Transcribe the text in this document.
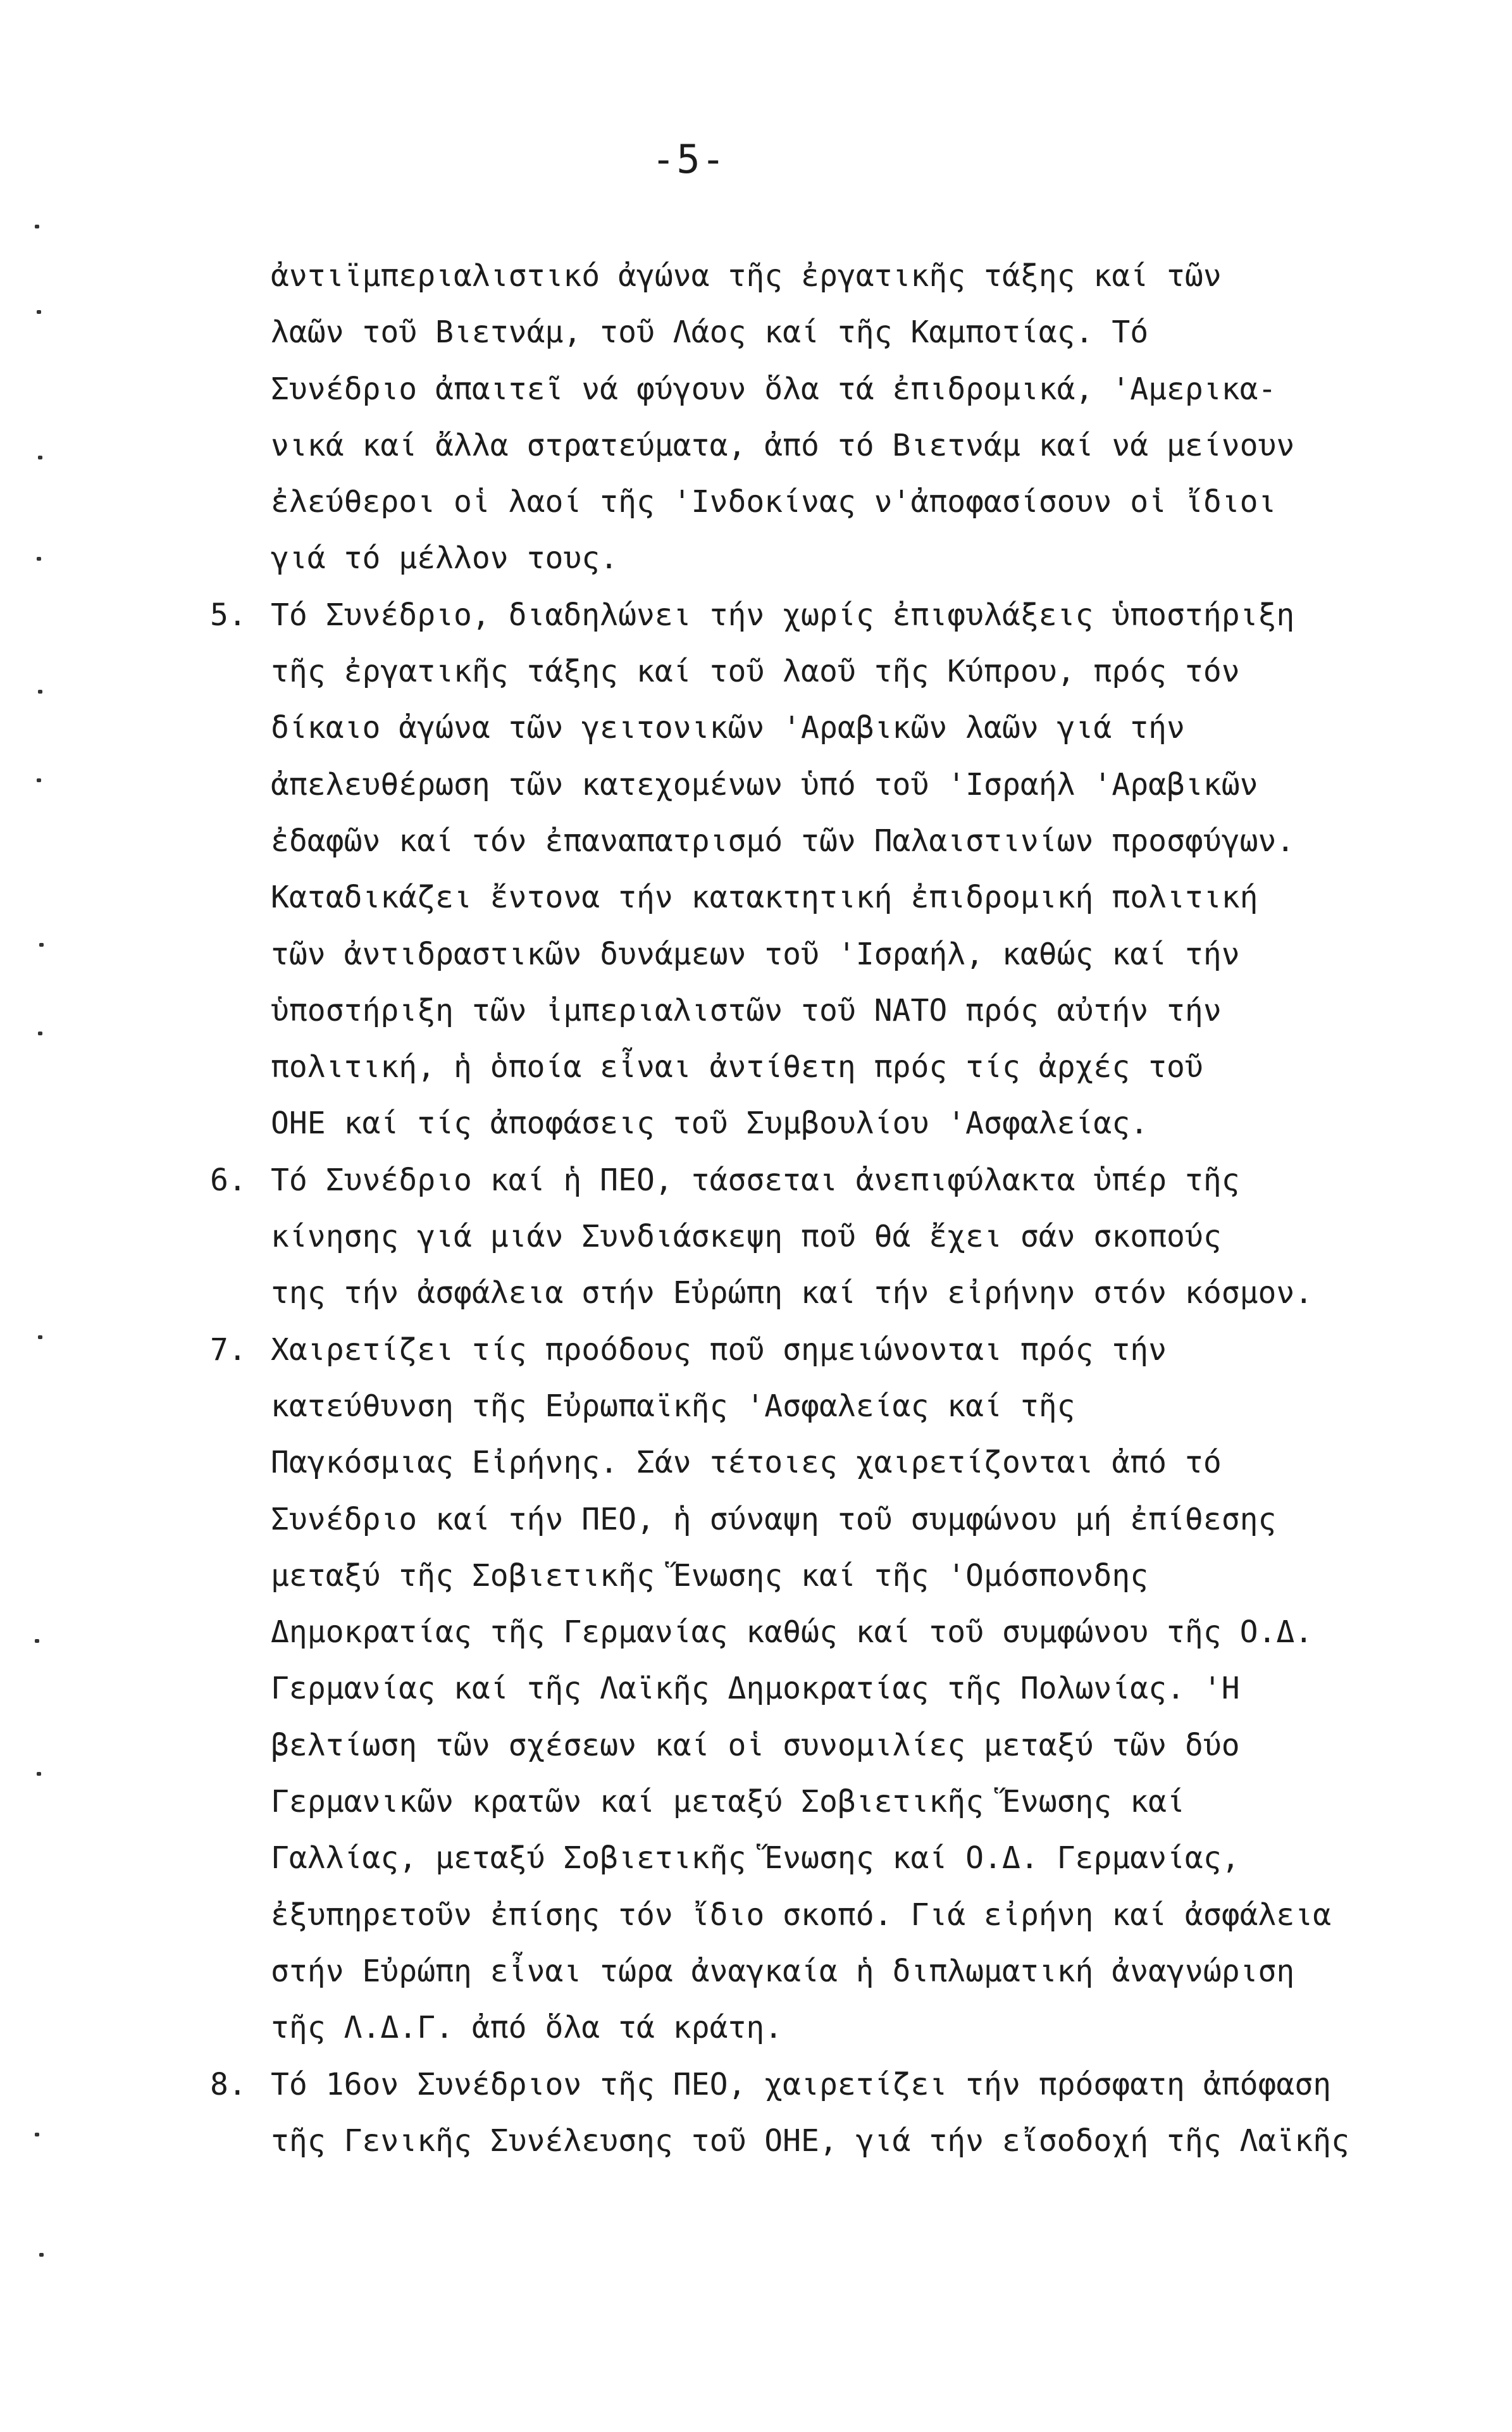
-5-
ἀντιϊμπεριαλιστικό ἀγώνα τῆς ἐργατικῆς τάξης καί τῶν
λαῶν τοῦ Βιετνάμ, τοῦ Λάος καί τῆς Καμποτίας. Τό
Συνέδριο ἀπαιτεῖ νά φύγουν ὅλα τά ἐπιδρομικά, 'Αμερικα-
νικά καί ἄλλα στρατεύματα, ἀπό τό Βιετνάμ καί νά μείνουν
ἐλεύθεροι οἱ λαοί τῆς 'Ινδοκίνας ν'ἀποφασίσουν οἱ ἴδιοι
γιά τό μέλλον τους.
5. Τό Συνέδριο, διαδηλώνει τήν χωρίς ἐπιφυλάξεις ὑποστήριξη
τῆς ἐργατικῆς τάξης καί τοῦ λαοῦ τῆς Κύπρου, πρός τόν
δίκαιο ἀγώνα τῶν γειτονικῶν 'Αραβικῶν λαῶν γιά τήν
ἀπελευθέρωση τῶν κατεχομένων ὑπό τοῦ 'Ισραήλ 'Αραβικῶν
ἐδαφῶν καί τόν ἐπαναπατρισμό τῶν Παλαιστινίων προσφύγων.
Καταδικάζει ἔντονα τήν κατακτητική ἐπιδρομική πολιτική
τῶν ἀντιδραστικῶν δυνάμεων τοῦ 'Ισραήλ, καθώς καί τήν
ὑποστήριξη τῶν ἰμπεριαλιστῶν τοῦ ΝΑΤΟ πρός αὐτήν τήν
πολιτική, ἡ ὁποία εἶναι ἀντίθετη πρός τίς ἀρχές τοῦ
ΟΗΕ καί τίς ἀποφάσεις τοῦ Συμβουλίου 'Ασφαλείας.
6. Τό Συνέδριο καί ἡ ΠΕΟ, τάσσεται ἀνεπιφύλακτα ὑπέρ τῆς
κίνησης γιά μιάν Συνδιάσκεψη ποῦ θά ἔχει σάν σκοπούς
της τήν ἀσφάλεια στήν Εὐρώπη καί τήν εἰρήνην στόν κόσμον.
7. Χαιρετίζει τίς προόδους ποῦ σημειώνονται πρός τήν
κατεύθυνση τῆς Εὐρωπαϊκῆς 'Ασφαλείας καί τῆς
Παγκόσμιας Εἰρήνης. Σάν τέτοιες χαιρετίζονται ἀπό τό
Συνέδριο καί τήν ΠΕΟ, ἡ σύναψη τοῦ συμφώνου μή ἐπίθεσης
μεταξύ τῆς Σοβιετικῆς Ἕνωσης καί τῆς 'Ομόσπονδης
Δημοκρατίας τῆς Γερμανίας καθώς καί τοῦ συμφώνου τῆς Ο.Δ.
Γερμανίας καί τῆς Λαϊκῆς Δημοκρατίας τῆς Πολωνίας. 'Η
βελτίωση τῶν σχέσεων καί οἱ συνομιλίες μεταξύ τῶν δύο
Γερμανικῶν κρατῶν καί μεταξύ Σοβιετικῆς Ἕνωσης καί
Γαλλίας, μεταξύ Σοβιετικῆς Ἕνωσης καί Ο.Δ. Γερμανίας,
ἐξυπηρετοῦν ἐπίσης τόν ἴδιο σκοπό. Γιά εἰρήνη καί ἀσφάλεια
στήν Εὐρώπη εἶναι τώρα ἀναγκαία ἡ διπλωματική ἀναγνώριση
τῆς Λ.Δ.Γ. ἀπό ὅλα τά κράτη.
8. Τό 16ον Συνέδριον τῆς ΠΕΟ, χαιρετίζει τήν πρόσφατη ἀπόφαση
τῆς Γενικῆς Συνέλευσης τοῦ ΟΗΕ, γιά τήν εἴσοδοχή τῆς Λαϊκῆς
